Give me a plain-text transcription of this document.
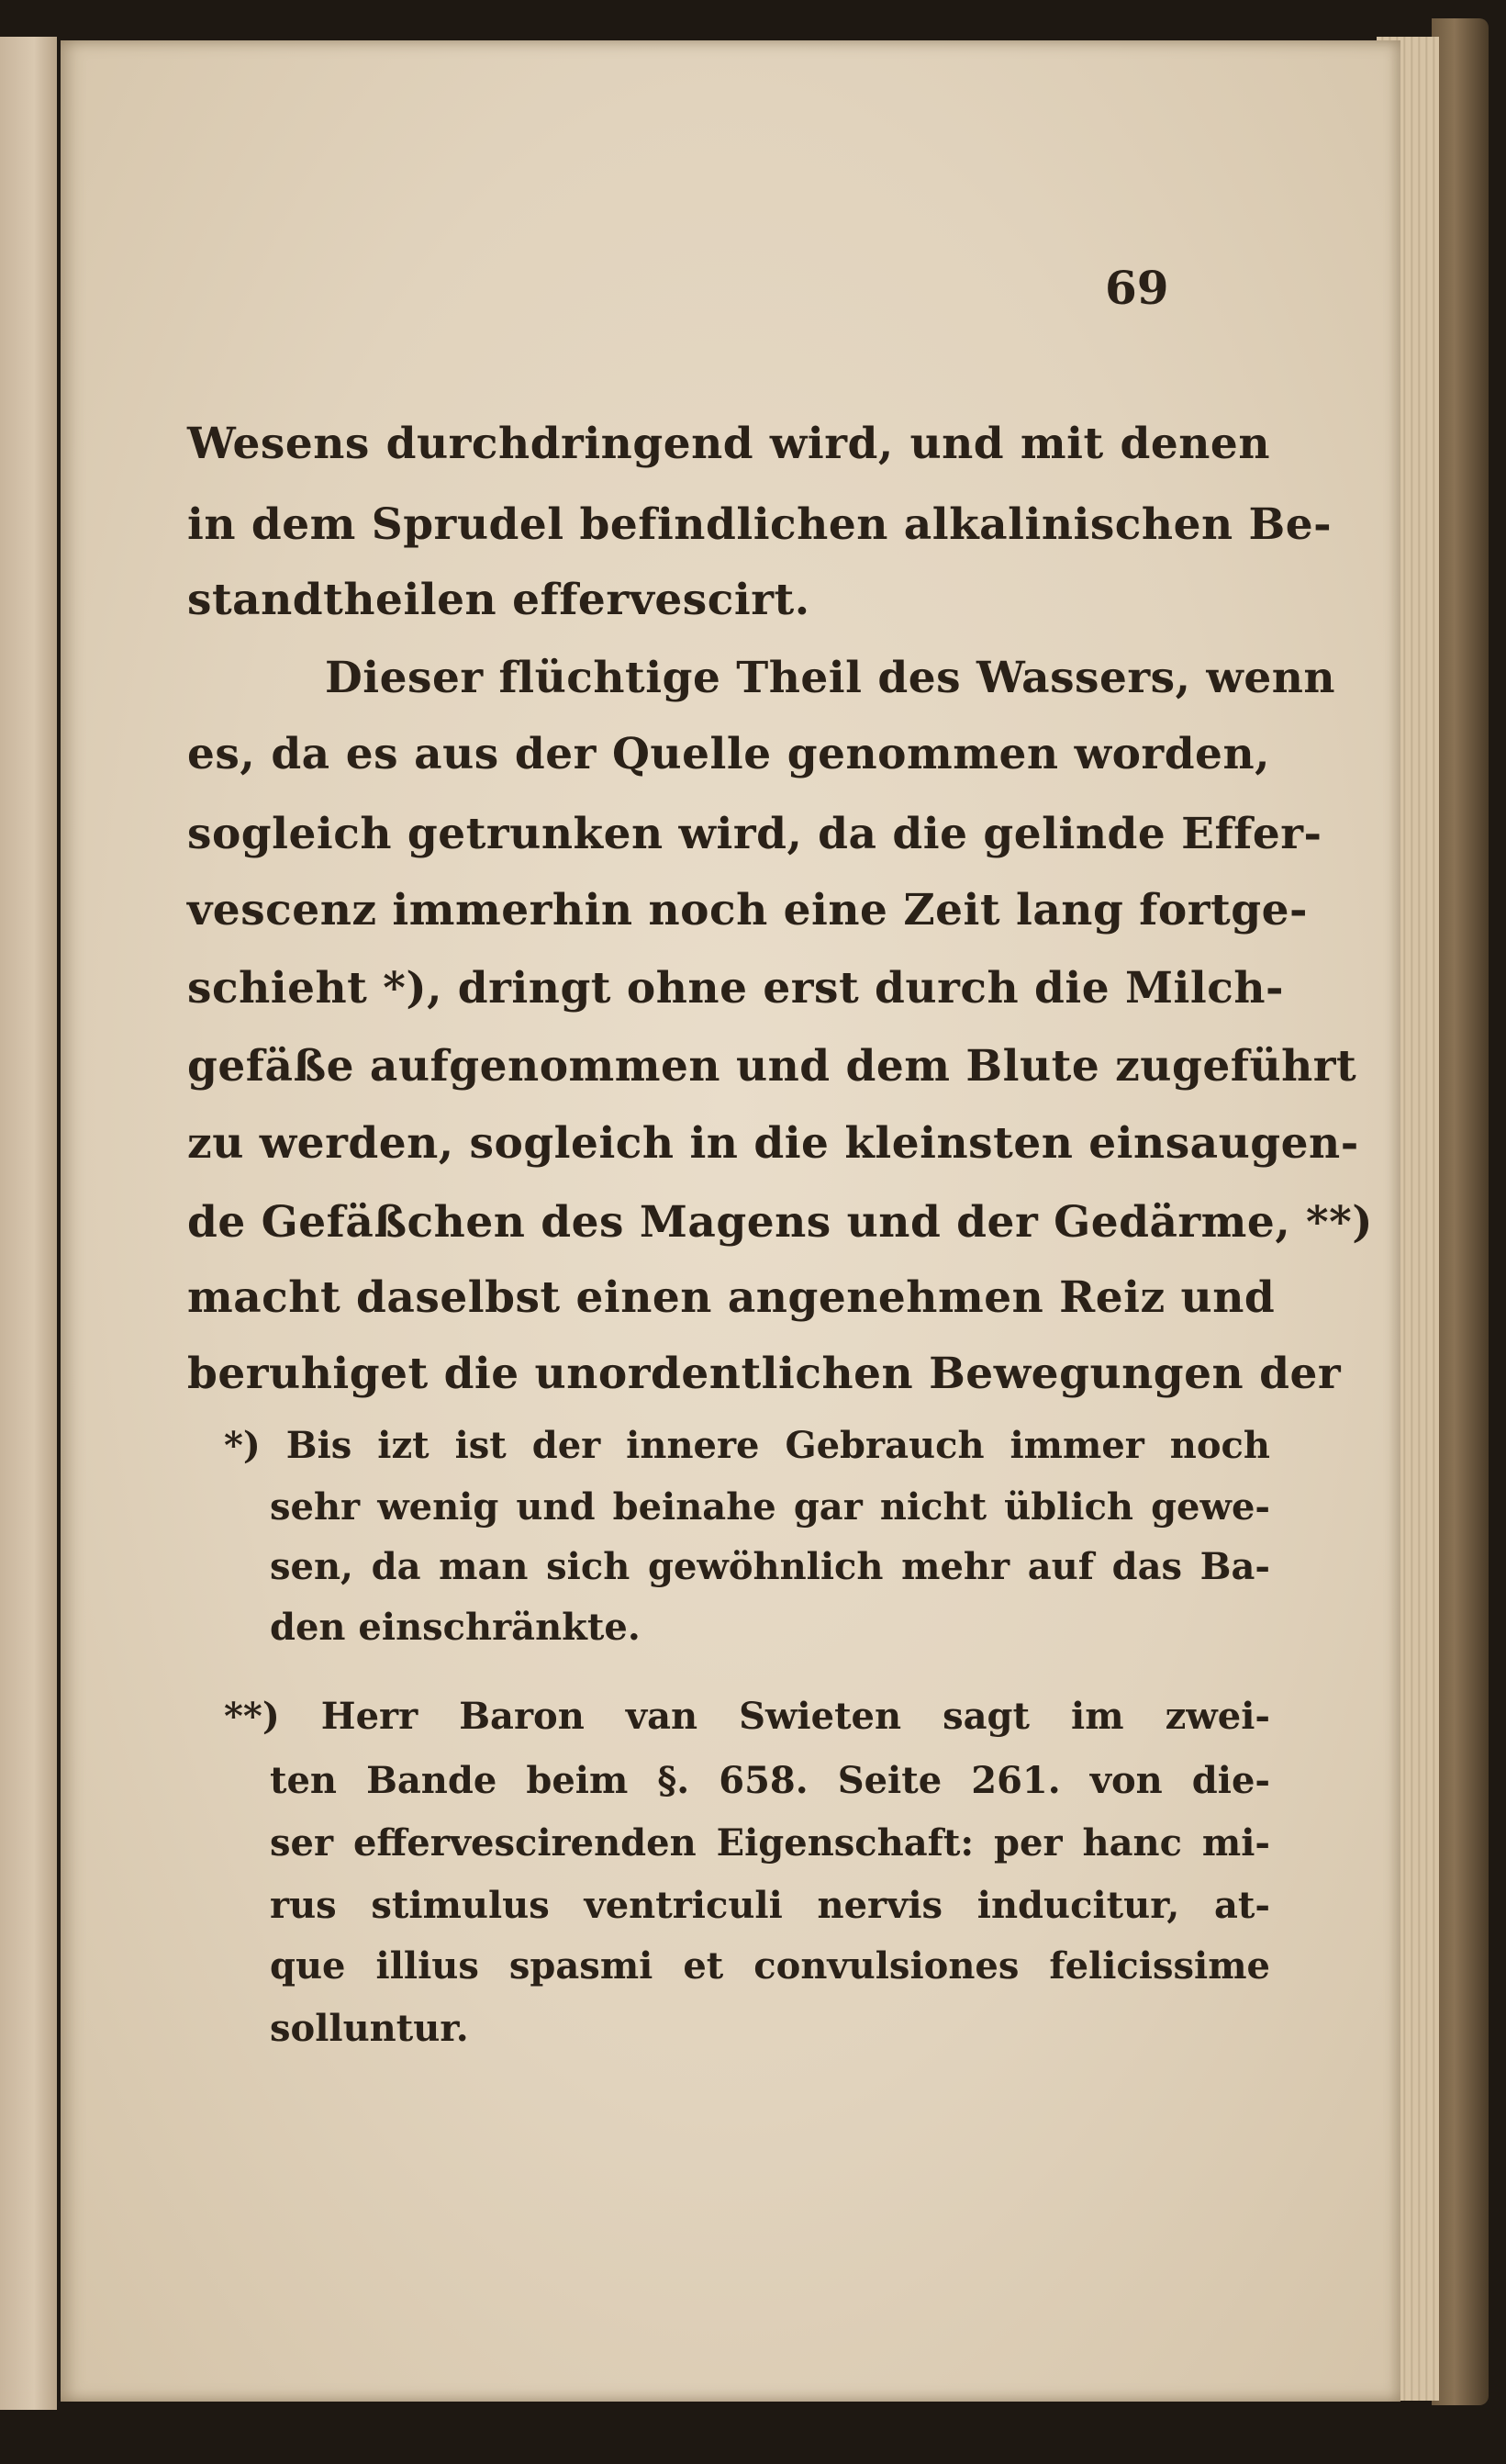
69
Wesens durchdringend wird, und mit denen
in dem Sprudel befindlichen alkalinischen Be-
standtheilen effervescirt.
Dieser flüchtige Theil des Wassers, wenn
es, da es aus der Quelle genommen worden,
sogleich getrunken wird, da die gelinde Effer-
vescenz immerhin noch eine Zeit lang fortge-
schieht *), dringt ohne erst durch die Milch-
gefäße aufgenommen und dem Blute zugeführt
zu werden, sogleich in die kleinsten einsaugen-
de Gefäßchen des Magens und der Gedärme, **)
macht daselbst einen angenehmen Reiz und
beruhiget die unordentlichen Bewegungen der
*) Bis izt ist der innere Gebrauch immer noch
sehr wenig und beinahe gar nicht üblich gewe-
sen, da man sich gewöhnlich mehr auf das Ba-
den einschränkte.
**) Herr Baron van Swieten sagt im zwei-
ten Bande beim §. 658. Seite 261. von die-
ser effervescirenden Eigenschaft: per hanc mi-
rus stimulus ventriculi nervis inducitur, at-
que illius spasmi et convulsiones felicissime
solluntur.
